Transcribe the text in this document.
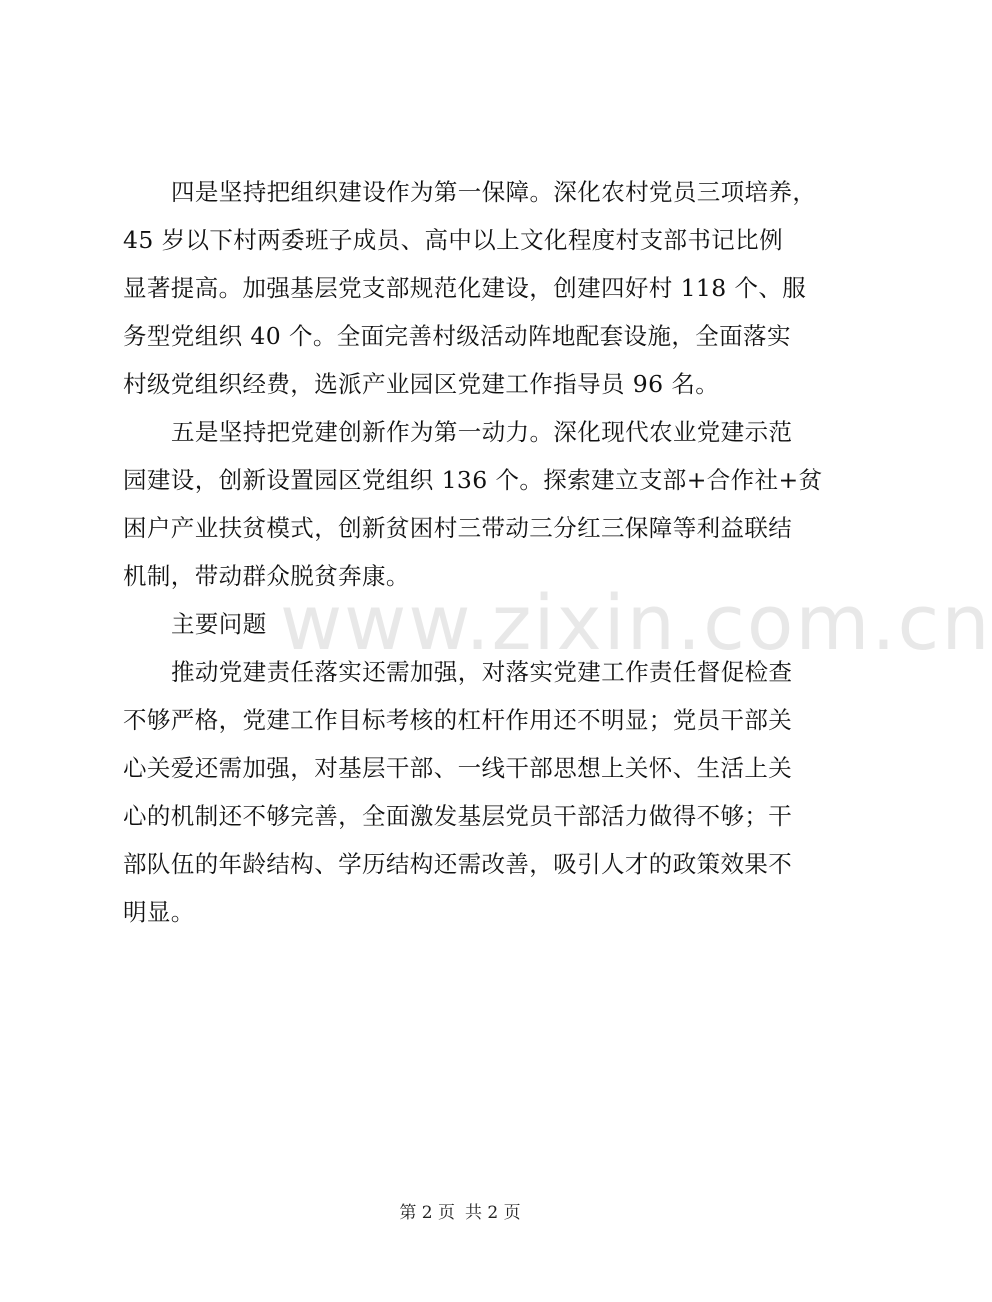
www.zixin.com.cn
四是坚持把组织建设作为第一保障。深化农村党员三项培养，
45 岁以下村两委班子成员、高中以上文化程度村支部书记比例
显著提高。加强基层党支部规范化建设，创建四好村 118 个、服
务型党组织 40 个。全面完善村级活动阵地配套设施，全面落实
村级党组织经费，选派产业园区党建工作指导员 96 名。
五是坚持把党建创新作为第一动力。深化现代农业党建示范
园建设，创新设置园区党组织 136 个。探索建立支部+合作社+贫
困户产业扶贫模式，创新贫困村三带动三分红三保障等利益联结
机制，带动群众脱贫奔康。
主要问题
推动党建责任落实还需加强，对落实党建工作责任督促检查
不够严格，党建工作目标考核的杠杆作用还不明显；党员干部关
心关爱还需加强，对基层干部、一线干部思想上关怀、生活上关
心的机制还不够完善，全面激发基层党员干部活力做得不够；干
部队伍的年龄结构、学历结构还需改善，吸引人才的政策效果不
明显。
第 2 页 共 2 页
